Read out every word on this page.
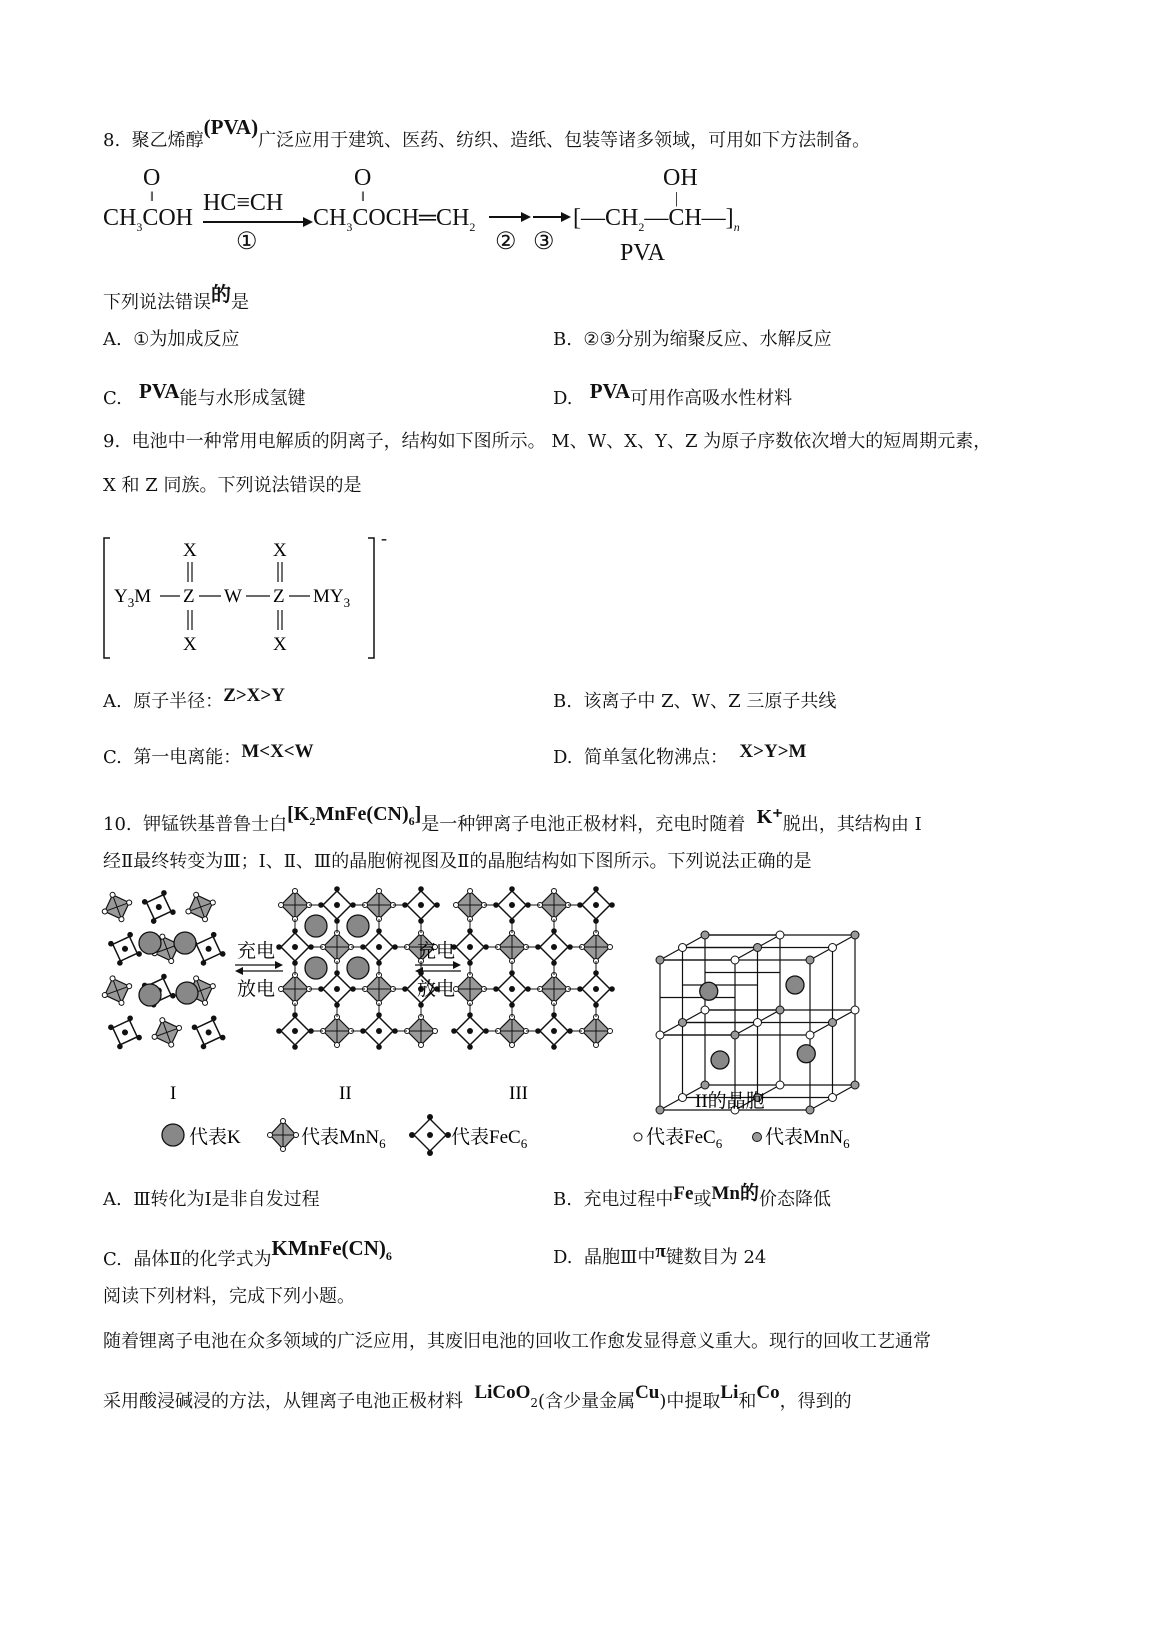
8. 聚乙烯醇(PVA)广泛应用于建筑、医药、纺织、造纸、包装等诸多领域，可用如下方法制备。
O
‖
$CH_3COH$
HC≡CH
①
O
‖
$CH_3COCH═CH_2$
② ③
OH
|
$[—CH_2—CH—]_n$
PVA
下列说法错误的是
A. ①为加成反应	B. ②③分别为缩聚反应、水解反应
C. PVA能与水形成氢键	D. PVA可用作高吸水性材料
9. 电池中一种常用电解质的阴离子，结构如下图所示。 M、W、X、Y、Z 为原子序数依次增大的短周期元素，
X 和 Z 同族。下列说法错误的是
-
X	X
$Y_3M$ Z W Z $MY_3$
X	X
A. 原子半径：Z>X>Y	B. 该离子中 Z、W、Z 三原子共线
C. 第一电离能：M<X<W	D. 简单氢化物沸点： X>Y>M
10. 钾锰铁基普鲁士白$[K_2MnFe(CN)_6]$是一种钾离子电池正极材料，充电时随着 K⁺脱出，其结构由 I
经Ⅱ最终转变为Ⅲ；Ⅰ、Ⅱ、Ⅲ的晶胞俯视图及Ⅱ的晶胞结构如下图所示。下列说法正确的是
充电
放电
充电
放电
I	II	III	II的晶胞
代表K	代表MnN$_6$	代表FeC$_6$	代表FeC$_6$ 代表MnN$_6$
A. Ⅲ转化为Ⅰ是非自发过程	B. 充电过程中Fe或Mn的价态降低
C. 晶体Ⅱ的化学式为$KMnFe(CN)_6$	D. 晶胞Ⅲ中π键数目为 24
阅读下列材料，完成下列小题。
随着锂离子电池在众多领域的广泛应用，其废旧电池的回收工作愈发显得意义重大。现行的回收工艺通常
采用酸浸碱浸的方法，从锂离子电池正极材料 LiCoO2(含少量金属Cu)中提取Li和Co，得到的
